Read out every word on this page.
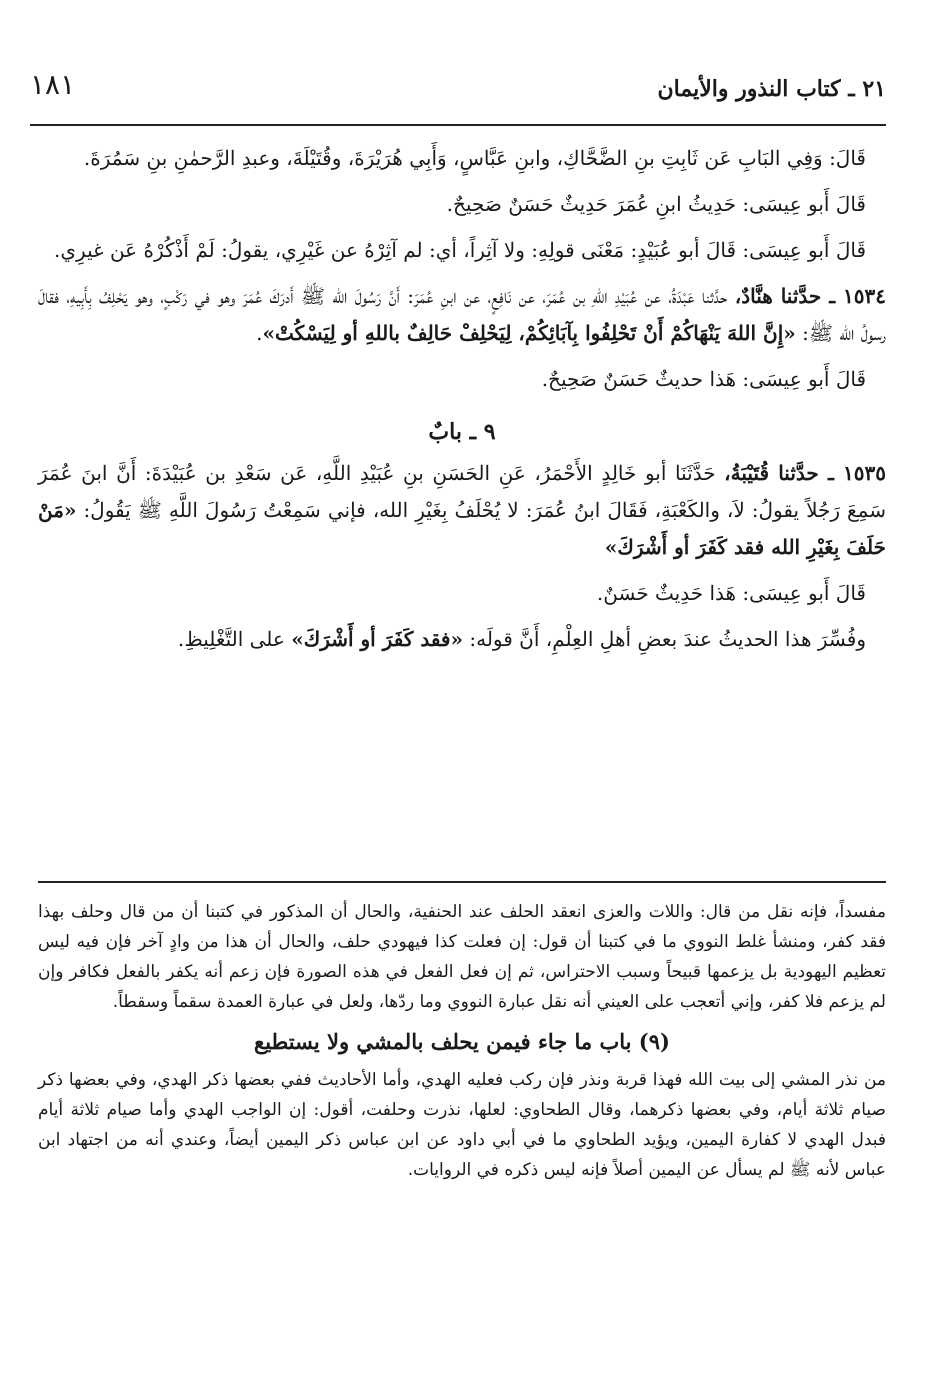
٢١ ـ كتاب النذور والأيمان
١٨١

قَالَ: وَفِي البَابِ عَن ثَابِتِ بنِ الضَّحَّاكِ، وابنِ عَبَّاسٍ، وَأَبِي هُرَيْرَةَ، وقُتَيْلَةَ، وعبدِ الرَّحمٰنِ بنِ سَمُرَةَ.

قَالَ أَبو عِيسَى: حَدِيثُ ابنِ عُمَرَ حَدِيثٌ حَسَنٌ صَحِيحٌ.

قَالَ أَبو عِيسَى: قَالَ أبو عُبَيْدٍ: مَعْنَى قولِهِ: ولا آثِراً، أي: لم آثِرْهُ عن غَيْرِي، يقولُ: لَمْ أَذْكُرْهُ عَن غيرِي.

١٥٣٤ ـ حدَّثنا هنَّادٌ، حدَّثنا عَبْدَةُ، عن عُبَيْدِ اللهِ بن عُمَرَ، عن نَافِعٍ، عن ابنِ عُمَرَ: أَنَّ رَسُولَ الله ﷺ أَدرَكَ عُمَرَ وهو في رَكْبٍ، وهو يَحْلِفُ بِأَبِيهِ، فقالَ رسولُ الله ﷺ: «إِنَّ اللهَ يَنْهَاكُمْ أَنْ تَحْلِفُوا بِآبَائِكُمْ، لِيَحْلِفْ حَالِفٌ باللهِ أو لِيَسْكُتْ».

قَالَ أَبو عِيسَى: هَذا حديثٌ حَسَنٌ صَحِيحٌ.

٩ ـ بابٌ

١٥٣٥ ـ حدَّثنا قُتَيْبَةُ، حَدَّثَنَا أبو خَالِدٍ الأَحْمَرُ، عَنِ الحَسَنِ بنِ عُبَيْدِ اللَّهِ، عَن سَعْدِ بن عُبَيْدَةَ: أَنَّ ابنَ عُمَرَ سَمِعَ رَجُلاً يقولُ: لاَ، والكَعْبَةِ، فَقَالَ ابنُ عُمَرَ: لا يُحْلَفُ بِغَيْرِ الله، فإني سَمِعْتُ رَسُولَ اللَّهِ ﷺ يَقُولُ: «مَنْ حَلَفَ بِغَيْرِ الله فقد كَفَرَ أو أَشْرَكَ»

قَالَ أَبو عِيسَى: هَذا حَدِيثٌ حَسَنٌ.

وفُسِّرَ هذا الحديثُ عندَ بعضِ أهلِ العِلْمِ، أَنَّ قولَه: «فقد كَفَرَ أو أَشْرَكَ» على التَّغْلِيظِ.

مفسداً، فإنه نقل من قال: واللات والعزى انعقد الحلف عند الحنفية، والحال أن المذكور في كتبنا أن من قال وحلف بهذا فقد كفر، ومنشأ غلط النووي ما في كتبنا أن قول: إن فعلت كذا فيهودي حلف، والحال أن هذا من وادٍ آخر فإن فيه ليس تعظيم اليهودية بل يزعمها قبيحاً وسبب الاحتراس، ثم إن فعل الفعل في هذه الصورة فإن زعم أنه يكفر بالفعل فكافر وإن لم يزعم فلا كفر، وإني أتعجب على العيني أنه نقل عبارة النووي وما ردّها، ولعل في عبارة العمدة سقماً وسقطاً.

(٩) باب ما جاء فيمن يحلف بالمشي ولا يستطيع

من نذر المشي إلى بيت الله فهذا قربة ونذر فإن ركب فعليه الهدي، وأما الأحاديث ففي بعضها ذكر الهدي، وفي بعضها ذكر صيام ثلاثة أيام، وفي بعضها ذكرهما، وقال الطحاوي: لعلها، نذرت وحلفت، أقول: إن الواجب الهدي وأما صيام ثلاثة أيام فبدل الهدي لا كفارة اليمين، ويؤيد الطحاوي ما في أبي داود عن ابن عباس ذكر اليمين أيضاً، وعندي أنه من اجتهاد ابن عباس لأنه ﷺ لم يسأل عن اليمين أصلاً فإنه ليس ذكره في الروايات.
